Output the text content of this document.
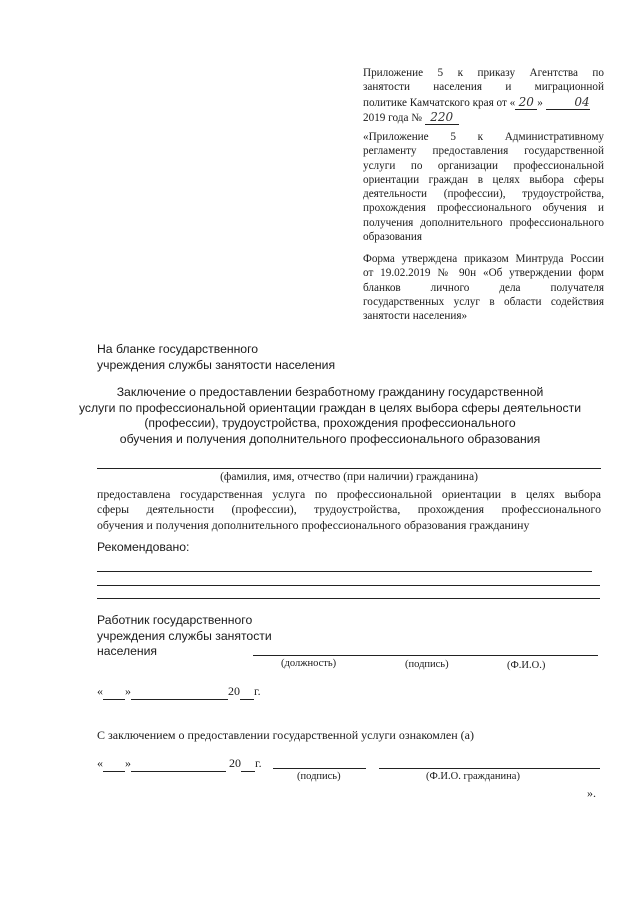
Приложение 5 к приказу Агентства по
занятости населения и миграционной
политике Камчатского края от « 20 »	04
2019 года № 220
«Приложение 5 к Административному
регламенту предоставления государственной
услуги по организации профессиональной
ориентации граждан в целях выбора сферы
деятельности (профессии), трудоустройства,
прохождения профессионального обучения и
получения дополнительного профессионального
образования
Форма утверждена приказом Минтруда России
от 19.02.2019 № 90н «Об утверждении форм
бланков личного дела получателя
государственных услуг в области содействия
занятости населения»
На бланке государственного
учреждения службы занятости населения
Заключение о предоставлении безработному гражданину государственной
услуги по профессиональной ориентации граждан в целях выбора сферы деятельности
(профессии), трудоустройства, прохождения профессионального
обучения и получения дополнительного профессионального образования
(фамилия, имя, отчество (при наличии) гражданина)
предоставлена государственная услуга по профессиональной ориентации в целях выбора
сферы деятельности (профессии), трудоустройства, прохождения профессионального
обучения и получения дополнительного профессионального образования гражданину
Рекомендовано:
Работник государственного
учреждения службы занятости
населения
(должность)	(подпись)	(Ф.И.О.)
« »	20 г.
С заключением о предоставлении государственной услуги ознакомлен (а)
« »	20 г.
(подпись)	(Ф.И.О. гражданина)
».
